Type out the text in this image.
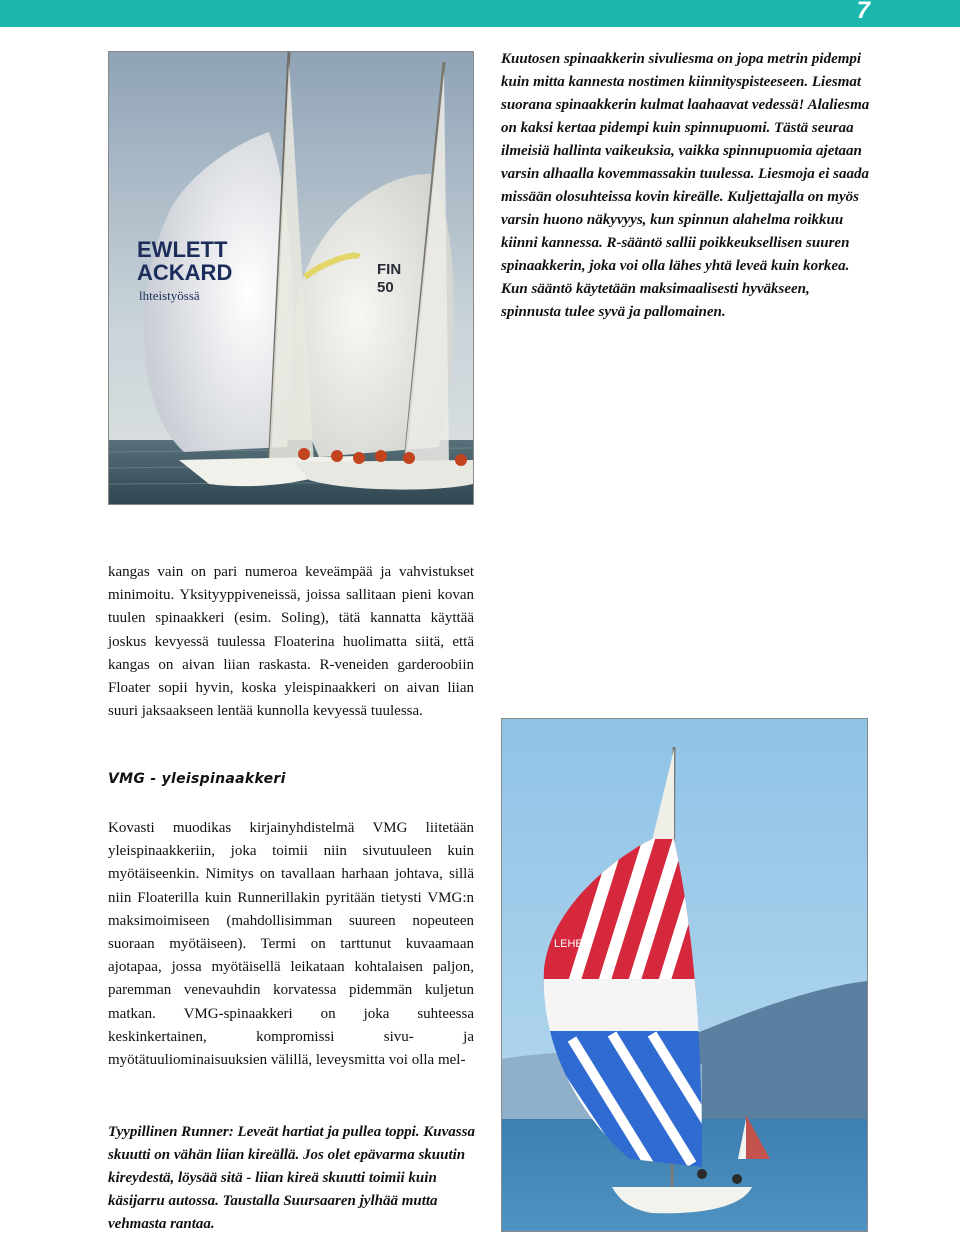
7
FIN
50
EWLETT
ACKARD
lhteistyössä

Kuutosen spinaakkerin sivuliesma on jopa metrin pidempi kuin mitta kannesta nostimen kiinnityspisteeseen. Liesmat suorana spinaakkerin kulmat laahaavat vedessä! Alaliesma on kaksi kertaa pidempi kuin spinnupuomi. Tästä seuraa ilmeisiä hallinta vaikeuksia, vaikka spinnupuomia ajetaan varsin alhaalla kovemmassakin tuulessa. Liesmoja ei saada missään olosuhteissa kovin kireälle. Kuljettajalla on myös varsin huono näkyvyys, kun spinnun alahelma roikkuu kiinni kannessa. R-sääntö sallii poikkeuksellisen suuren spinaakkerin, joka voi olla lähes yhtä leveä kuin korkea. Kun sääntö käytetään maksimaalisesti hyväkseen, spinnusta tulee syvä ja pallomainen.

kangas vain on pari numeroa keveämpää ja vahvistukset minimoitu. Yksityyppiveneissä, joissa sallitaan pieni kovan tuulen spinaakkeri (esim. Soling), tätä kannatta käyttää joskus kevyessä tuulessa Floaterina huolimatta siitä, että kangas on aivan liian raskasta. R-veneiden garderoobiin Floater sopii hyvin, koska yleispinaakkeri on aivan liian suuri jaksaakseen lentää kunnolla kevyessä tuulessa.

VMG - yleispinaakkeri

Kovasti muodikas kirjainyhdistelmä VMG liitetään yleispinaakkeriin, joka toimii niin sivutuuleen kuin myötäiseenkin. Nimitys on tavallaan harhaan johtava, sillä niin Floaterilla kuin Runnerillakin pyritään tietysti VMG:n maksimoimiseen (mahdollisimman suureen nopeuteen suoraan myötäiseen). Termi on tarttunut kuvaamaan ajotapaa, jossa myötäisellä leikataan kohtalaisen paljon, paremman venevauhdin korvatessa pidemmän kuljetun matkan. VMG-spinaakkeri on joka suhteessa keskinkertainen, kompromissi sivu- ja myötätuuliominaisuuksien välillä, leveysmitta voi olla mel-

LEHE

Tyypillinen Runner: Leveät hartiat ja pullea toppi. Kuvassa skuutti on vähän liian kireällä. Jos olet epävarma skuutin kireydestä, löysää sitä - liian kireä skuutti toimii kuin käsijarru autossa. Taustalla Suursaaren jylhää mutta vehmasta rantaa.
